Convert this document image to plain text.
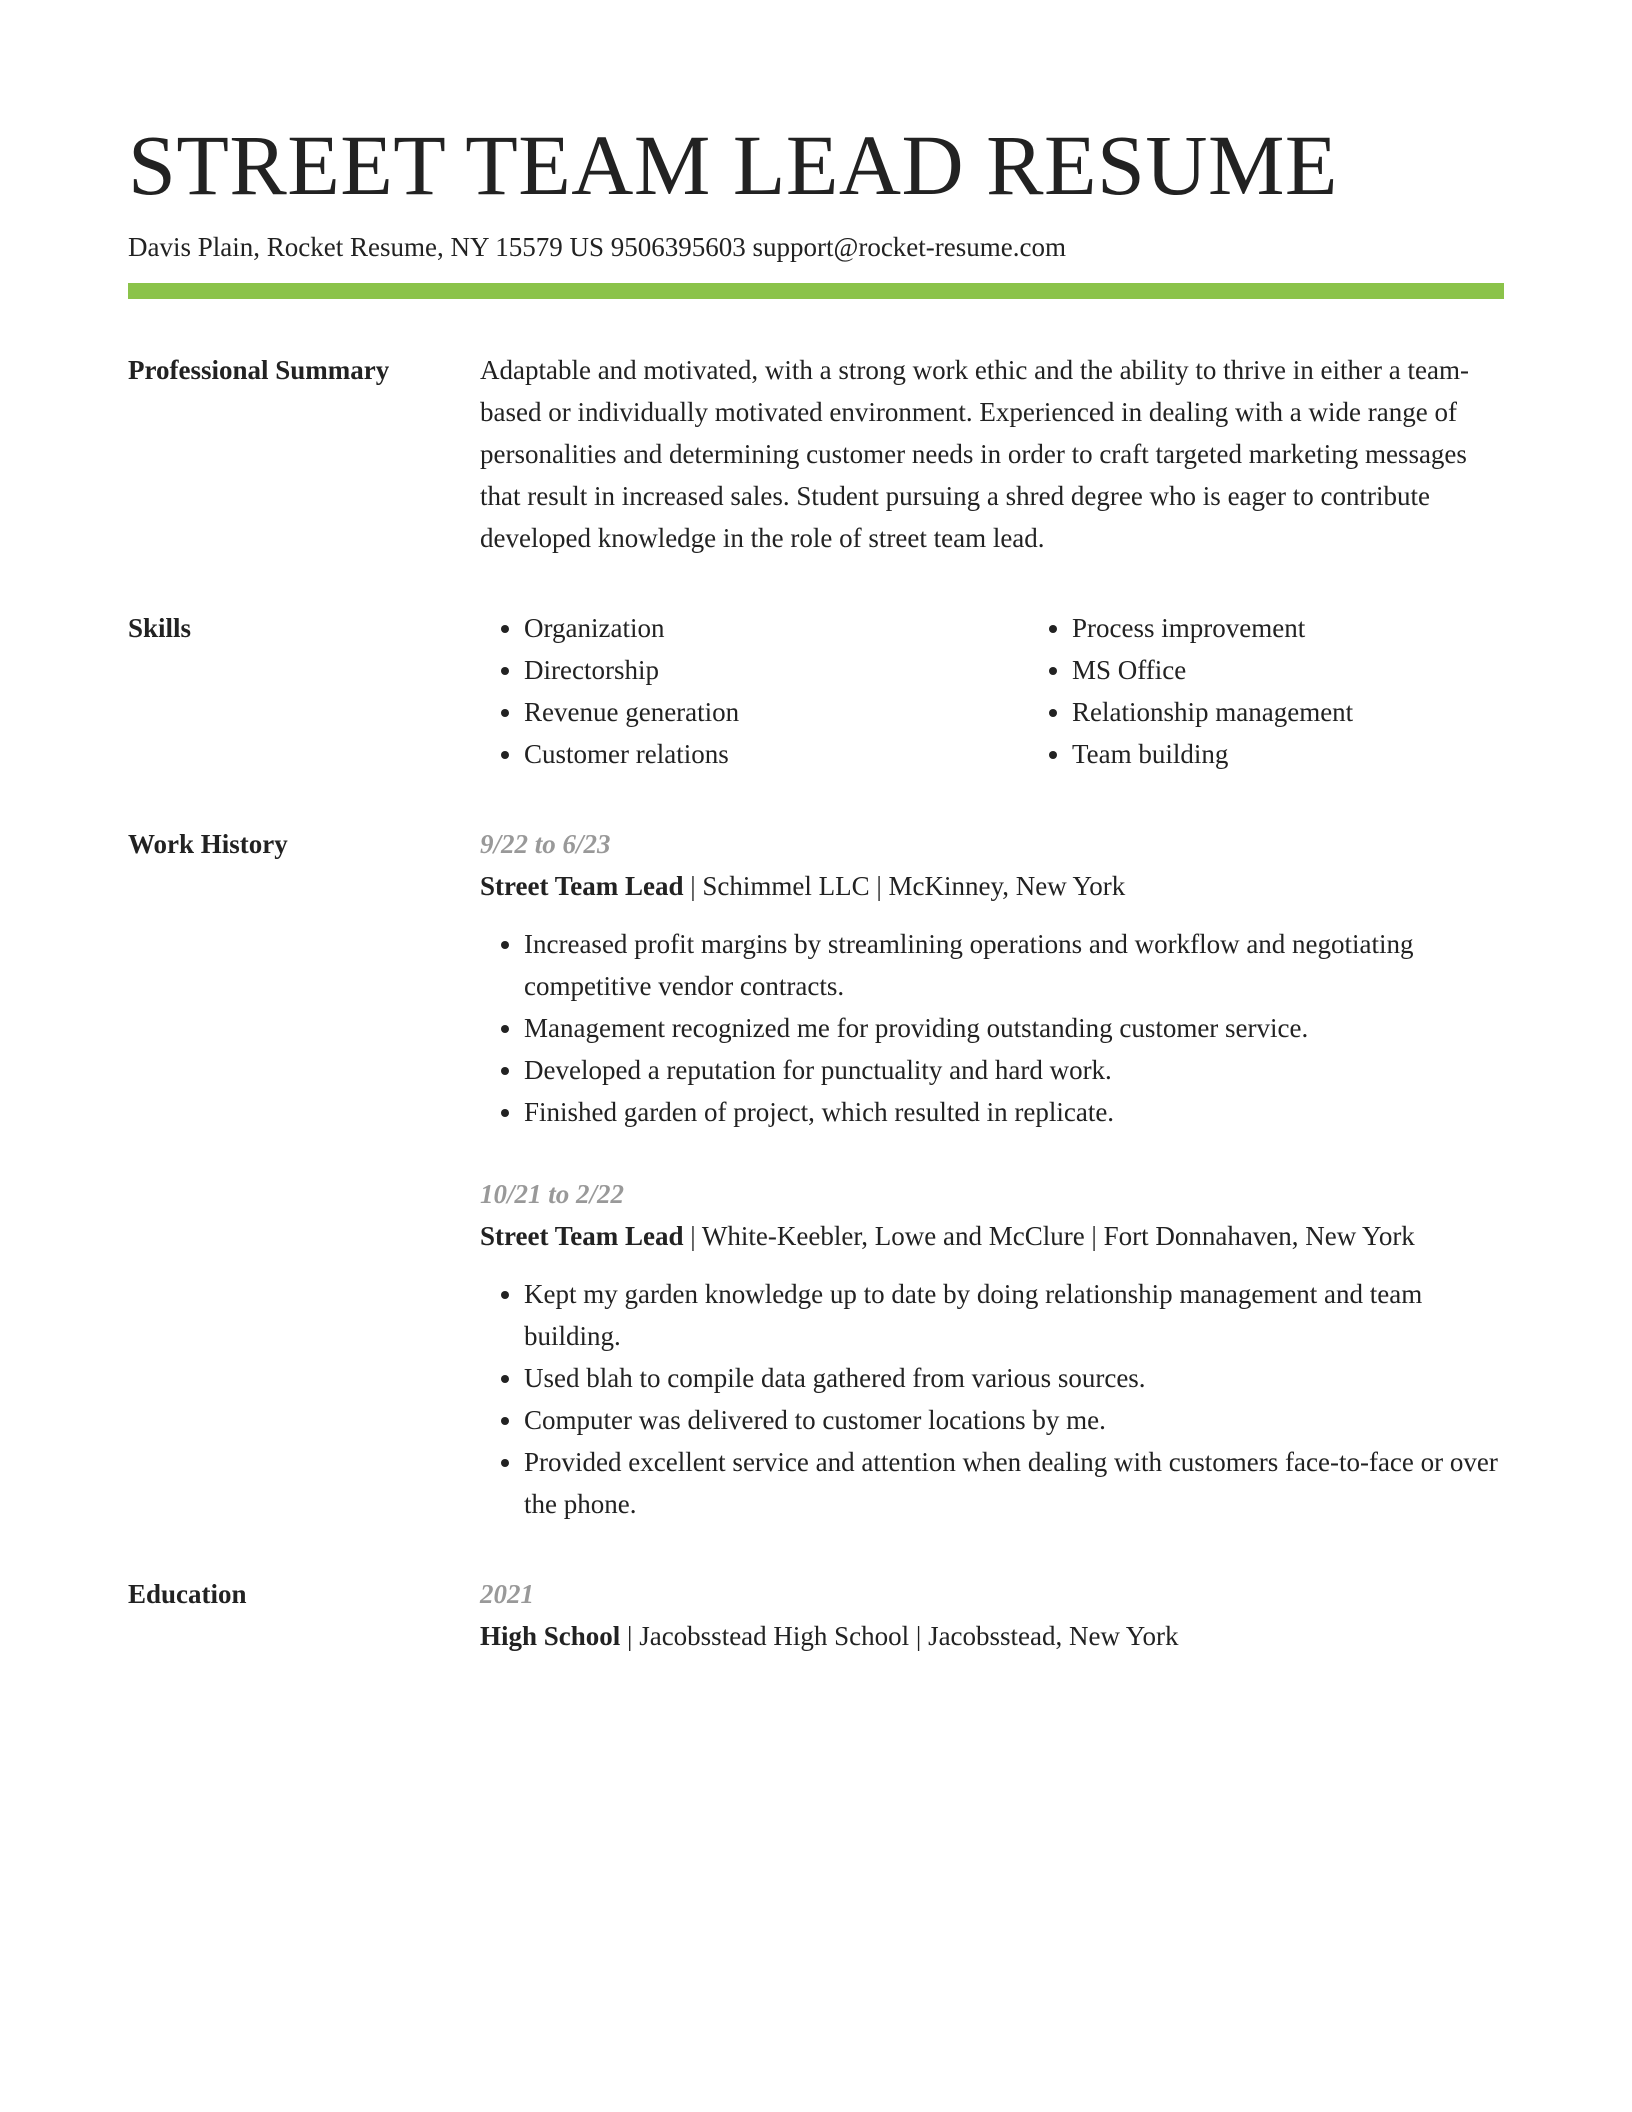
STREET TEAM LEAD RESUME
Davis Plain, Rocket Resume, NY 15579 US 9506395603 support@rocket-resume.com
Professional Summary	Adaptable and motivated, with a strong work ethic and the ability to thrive in either a team-based or individually motivated environment. Experienced in dealing with a wide range of personalities and determining customer needs in order to craft targeted marketing messages that result in increased sales. Student pursuing a shred degree who is eager to contribute developed knowledge in the role of street team lead.

Skills
•	Organization
• Directorship
• Revenue generation
• Customer relations
• Process improvement
• MS Office
• Relationship management
• Team building
Work History	9/22 to 6/23
Street Team Lead | Schimmel LLC | McKinney, New York
• Increased profit margins by streamlining operations and workflow and negotiating competitive vendor contracts.
• Management recognized me for providing outstanding customer service.
• Developed a reputation for punctuality and hard work.
• Finished garden of project, which resulted in replicate.
10/21 to 2/22
Street Team Lead | White-Keebler, Lowe and McClure | Fort Donnahaven, New York
• Kept my garden knowledge up to date by doing relationship management and team building.
• Used blah to compile data gathered from various sources.
• Computer was delivered to customer locations by me.
• Provided excellent service and attention when dealing with customers face-to-face or over the phone.
Education	2021
High School | Jacobsstead High School | Jacobsstead, New York
